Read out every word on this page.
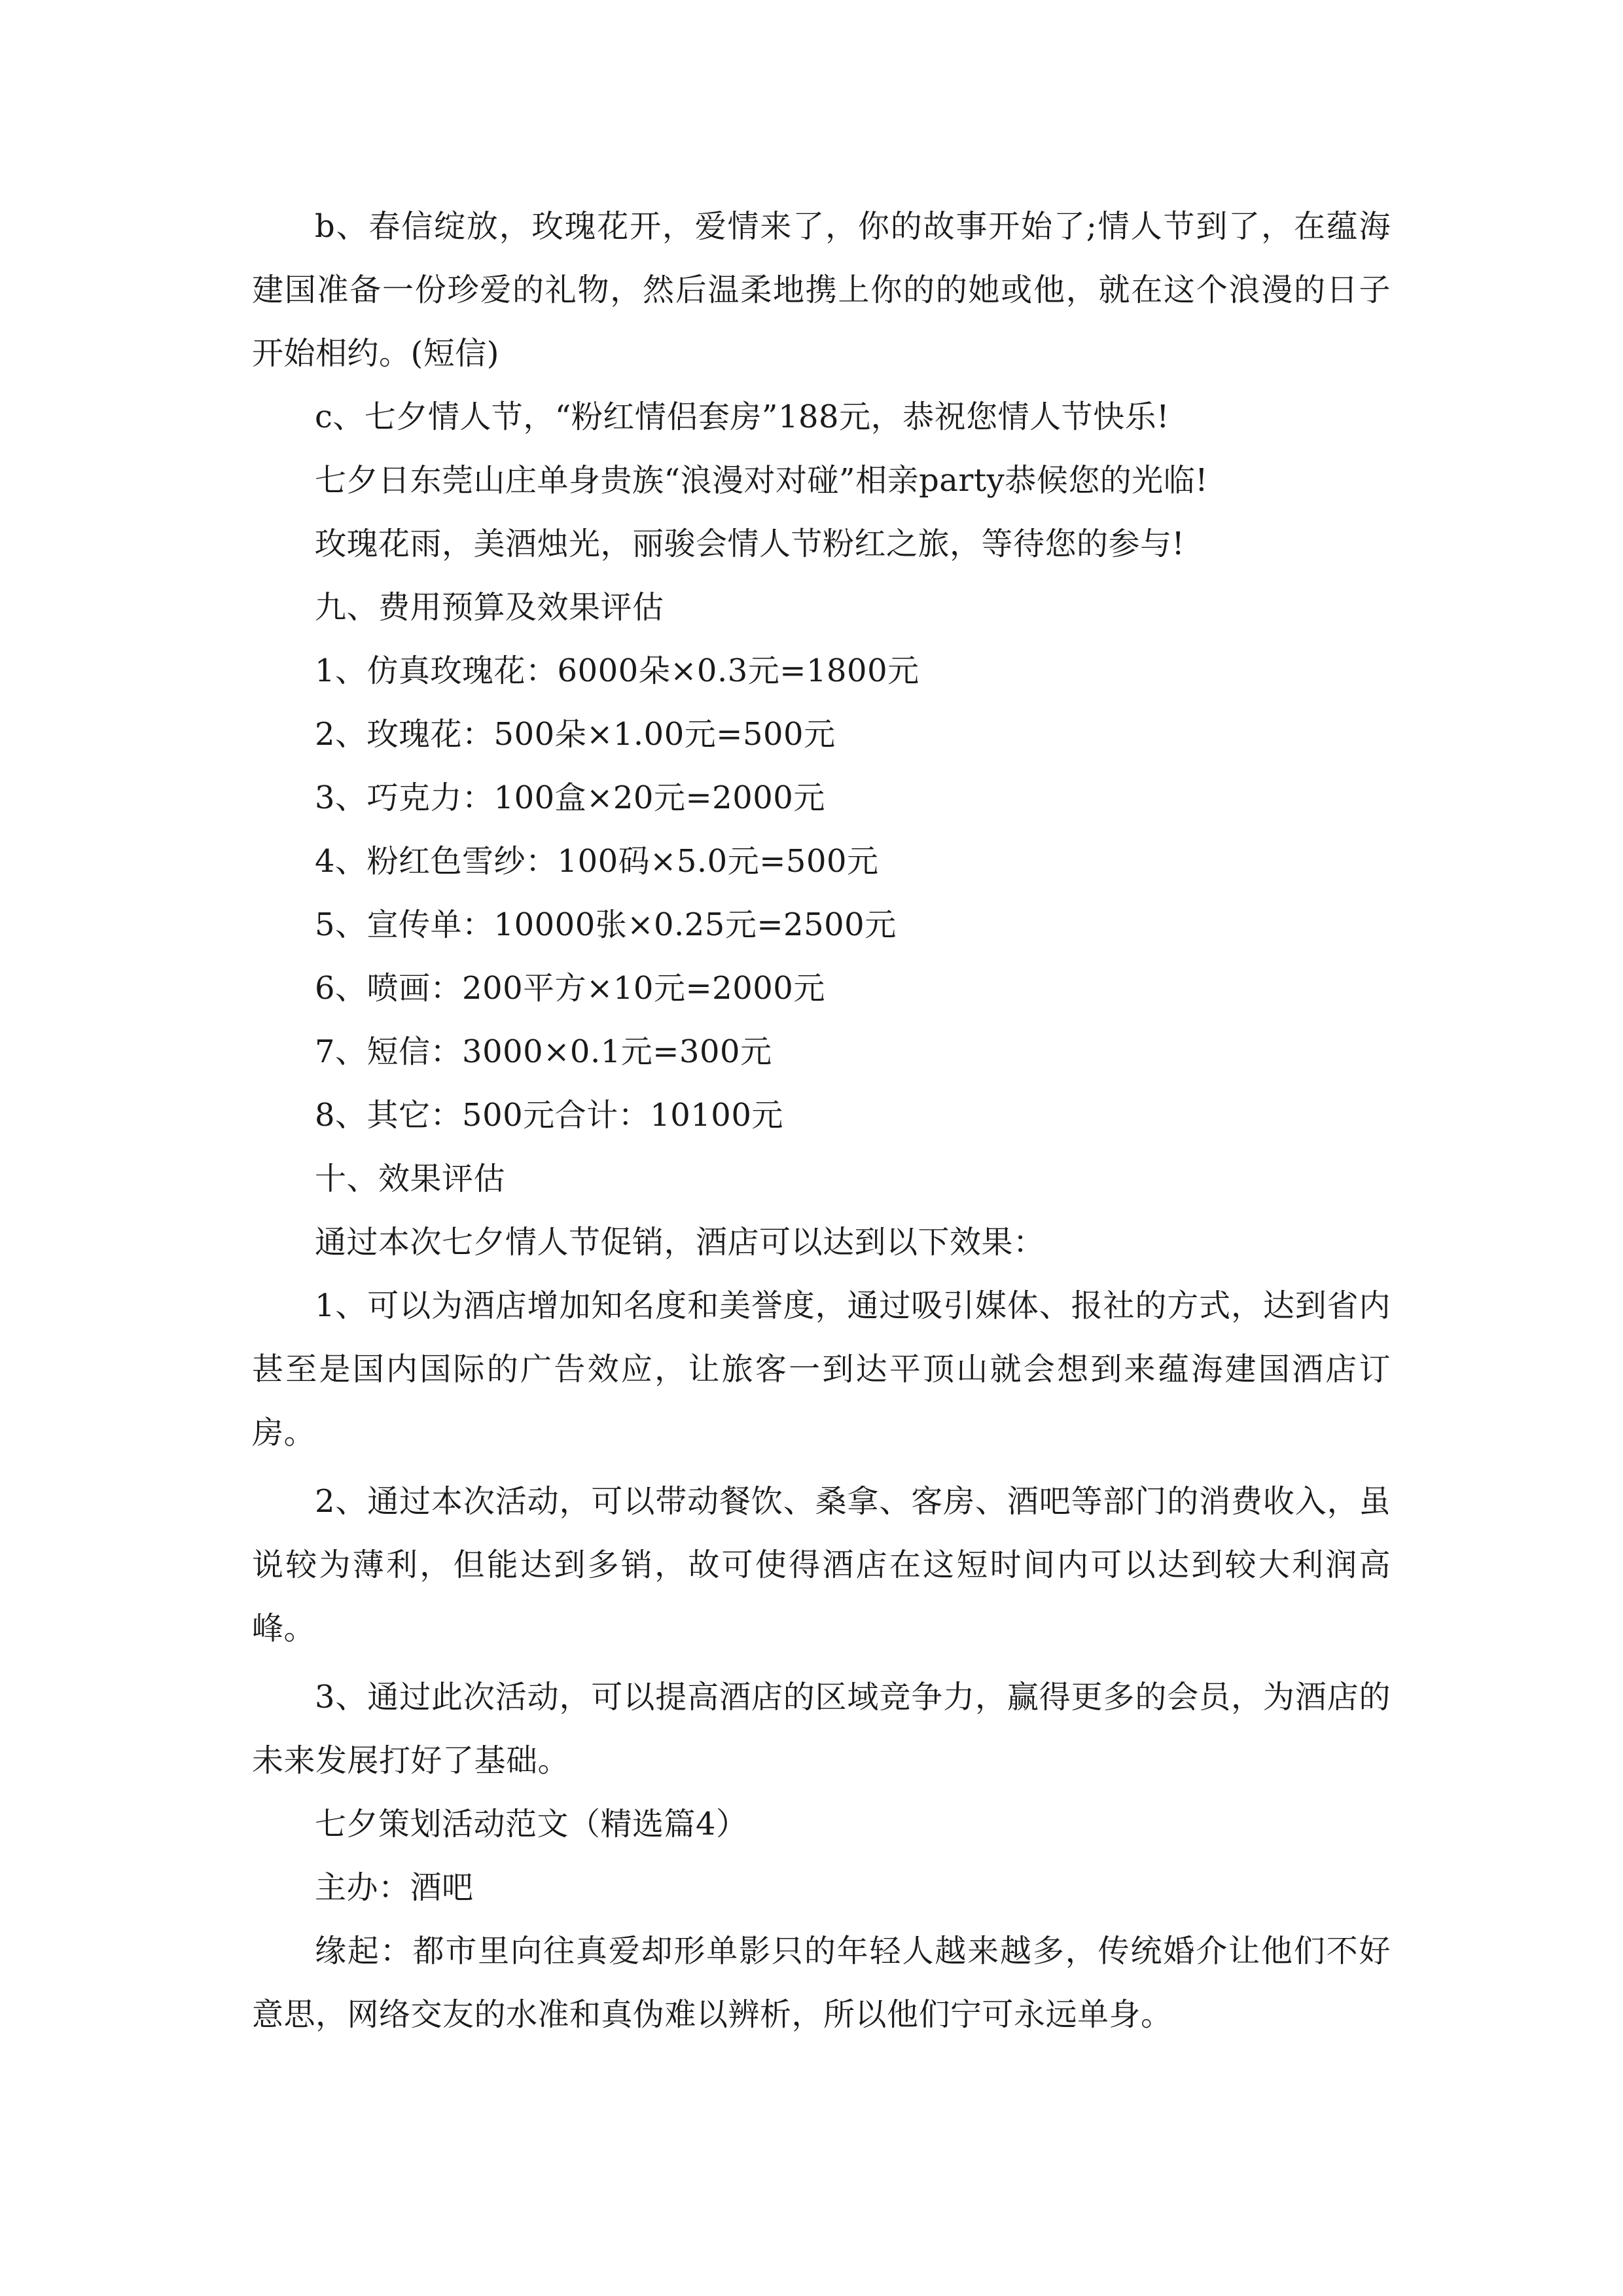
b、春信绽放，玫瑰花开，爱情来了，你的故事开始了;情人节到了，在蕴海建国准备一份珍爱的礼物，然后温柔地携上你的的她或他，就在这个浪漫的日子开始相约。(短信)

c、七夕情人节，“粉红情侣套房”188元，恭祝您情人节快乐!

七夕日东莞山庄单身贵族“浪漫对对碰”相亲party恭候您的光临!

玫瑰花雨，美酒烛光，丽骏会情人节粉红之旅，等待您的参与!

九、费用预算及效果评估

1、仿真玫瑰花：6000朵×0.3元=1800元

2、玫瑰花：500朵×1.00元=500元

3、巧克力：100盒×20元=2000元

4、粉红色雪纱：100码×5.0元=500元

5、宣传单：10000张×0.25元=2500元

6、喷画：200平方×10元=2000元

7、短信：3000×0.1元=300元

8、其它：500元合计：10100元

十、效果评估

通过本次七夕情人节促销，酒店可以达到以下效果：

1、可以为酒店增加知名度和美誉度，通过吸引媒体、报社的方式，达到省内甚至是国内国际的广告效应，让旅客一到达平顶山就会想到来蕴海建国酒店订房。

2、通过本次活动，可以带动餐饮、桑拿、客房、酒吧等部门的消费收入，虽说较为薄利，但能达到多销，故可使得酒店在这短时间内可以达到较大利润高峰。

3、通过此次活动，可以提高酒店的区域竞争力，赢得更多的会员，为酒店的未来发展打好了基础。

七夕策划活动范文（精选篇4）

主办：酒吧

缘起：都市里向往真爱却形单影只的年轻人越来越多，传统婚介让他们不好意思，网络交友的水准和真伪难以辨析，所以他们宁可永远单身。
